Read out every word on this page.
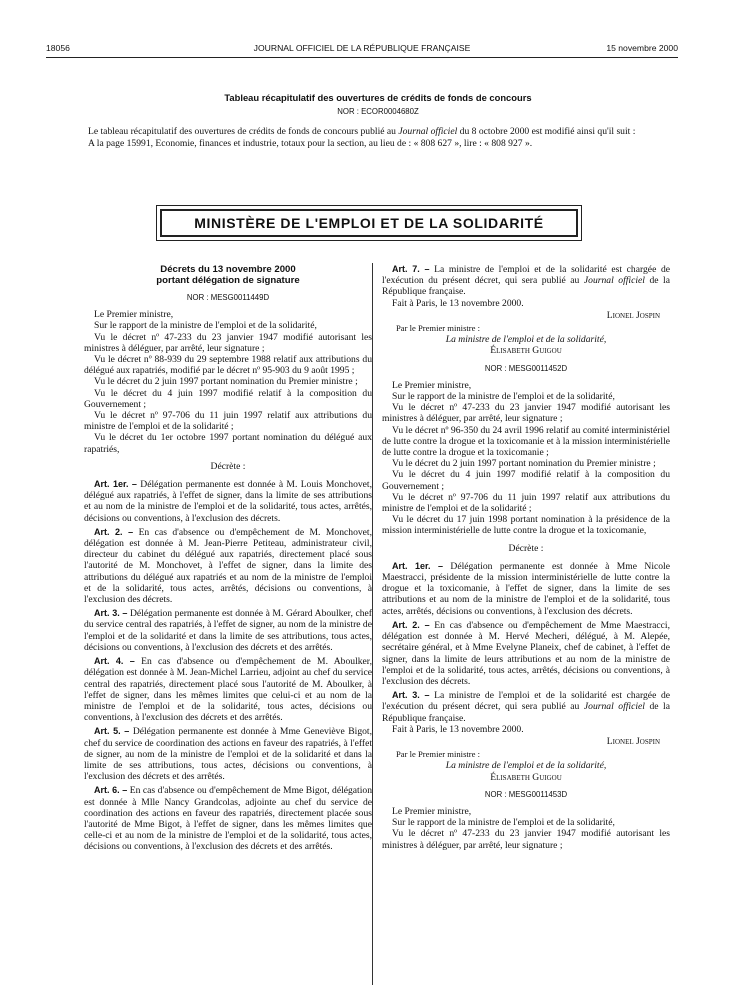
18056	JOURNAL OFFICIEL DE LA RÉPUBLIQUE FRANÇAISE	15 novembre 2000
Tableau récapitulatif des ouvertures de crédits de fonds de concours
NOR : ECOR0004680Z

Le tableau récapitulatif des ouvertures de crédits de fonds de concours publié au Journal officiel du 8 octobre 2000 est modifié ainsi qu'il suit :

A la page 15991, Economie, finances et industrie, totaux pour la section, au lieu de : « 808 627 », lire : « 808 927 ».

MINISTÈRE DE L'EMPLOI ET DE LA SOLIDARITÉ
Décrets du 13 novembre 2000
portant délégation de signature
NOR : MESG0011449D

Le Premier ministre,

Sur le rapport de la ministre de l'emploi et de la solidarité,

Vu le décret nº 47-233 du 23 janvier 1947 modifié autorisant les ministres à déléguer, par arrêté, leur signature ;

Vu le décret nº 88-939 du 29 septembre 1988 relatif aux attributions du délégué aux rapatriés, modifié par le décret nº 95-903 du 9 août 1995 ;

Vu le décret du 2 juin 1997 portant nomination du Premier ministre ;

Vu le décret du 4 juin 1997 modifié relatif à la composition du Gouvernement ;

Vu le décret nº 97-706 du 11 juin 1997 relatif aux attributions du ministre de l'emploi et de la solidarité ;

Vu le décret du 1er octobre 1997 portant nomination du délégué aux rapatriés,

Décrète :

Art. 1er. – Délégation permanente est donnée à M. Louis Monchovet, délégué aux rapatriés, à l'effet de signer, dans la limite de ses attributions et au nom de la ministre de l'emploi et de la solidarité, tous actes, arrêtés, décisions ou conventions, à l'exclusion des décrets.

Art. 2. – En cas d'absence ou d'empêchement de M. Monchovet, délégation est donnée à M. Jean-Pierre Petiteau, administrateur civil, directeur du cabinet du délégué aux rapatriés, directement placé sous l'autorité de M. Monchovet, à l'effet de signer, dans la limite des attributions du délégué aux rapatriés et au nom de la ministre de l'emploi et de la solidarité, tous actes, arrêtés, décisions ou conventions, à l'exclusion des décrets.

Art. 3. – Délégation permanente est donnée à M. Gérard Aboulker, chef du service central des rapatriés, à l'effet de signer, au nom de la ministre de l'emploi et de la solidarité et dans la limite de ses attributions, tous actes, décisions ou conventions, à l'exclusion des décrets et des arrêtés.

Art. 4. – En cas d'absence ou d'empêchement de M. Aboulker, délégation est donnée à M. Jean-Michel Larrieu, adjoint au chef du service central des rapatriés, directement placé sous l'autorité de M. Aboulker, à l'effet de signer, dans les mêmes limites que celui-ci et au nom de la ministre de l'emploi et de la solidarité, tous actes, décisions ou conventions, à l'exclusion des décrets et des arrêtés.

Art. 5. – Délégation permanente est donnée à Mme Geneviève Bigot, chef du service de coordination des actions en faveur des rapatriés, à l'effet de signer, au nom de la ministre de l'emploi et de la solidarité et dans la limite de ses attributions, tous actes, décisions ou conventions, à l'exclusion des décrets et des arrêtés.

Art. 6. – En cas d'absence ou d'empêchement de Mme Bigot, délégation est donnée à Mlle Nancy Grandcolas, adjointe au chef du service de coordination des actions en faveur des rapatriés, directement placée sous l'autorité de Mme Bigot, à l'effet de signer, dans les mêmes limites que celle-ci et au nom de la ministre de l'emploi et de la solidarité, tous actes, décisions ou conventions, à l'exclusion des décrets et des arrêtés.

Art. 7. – La ministre de l'emploi et de la solidarité est chargée de l'exécution du présent décret, qui sera publié au Journal officiel de la République française.

Fait à Paris, le 13 novembre 2000.

Lionel Jospin
Par le Premier ministre :
La ministre de l'emploi et de la solidarité,
Élisabeth Guigou
NOR : MESG0011452D

Le Premier ministre,

Sur le rapport de la ministre de l'emploi et de la solidarité,

Vu le décret nº 47-233 du 23 janvier 1947 modifié autorisant les ministres à déléguer, par arrêté, leur signature ;

Vu le décret nº 96-350 du 24 avril 1996 relatif au comité interministériel de lutte contre la drogue et la toxicomanie et à la mission interministérielle de lutte contre la drogue et la toxicomanie ;

Vu le décret du 2 juin 1997 portant nomination du Premier ministre ;

Vu le décret du 4 juin 1997 modifié relatif à la composition du Gouvernement ;

Vu le décret nº 97-706 du 11 juin 1997 relatif aux attributions du ministre de l'emploi et de la solidarité ;

Vu le décret du 17 juin 1998 portant nomination à la présidence de la mission interministérielle de lutte contre la drogue et la toxicomanie,

Décrète :

Art. 1er. – Délégation permanente est donnée à Mme Nicole Maestracci, présidente de la mission interministérielle de lutte contre la drogue et la toxicomanie, à l'effet de signer, dans la limite de ses attributions et au nom de la ministre de l'emploi et de la solidarité, tous actes, arrêtés, décisions ou conventions, à l'exclusion des décrets.

Art. 2. – En cas d'absence ou d'empêchement de Mme Maestracci, délégation est donnée à M. Hervé Mecheri, délégué, à M. Alepée, secrétaire général, et à Mme Evelyne Planeix, chef de cabinet, à l'effet de signer, dans la limite de leurs attributions et au nom de la ministre de l'emploi et de la solidarité, tous actes, arrêtés, décisions ou conventions, à l'exclusion des décrets.

Art. 3. – La ministre de l'emploi et de la solidarité est chargée de l'exécution du présent décret, qui sera publié au Journal officiel de la République française.

Fait à Paris, le 13 novembre 2000.

Lionel Jospin
Par le Premier ministre :
La ministre de l'emploi et de la solidarité,
Élisabeth Guigou
NOR : MESG0011453D

Le Premier ministre,

Sur le rapport de la ministre de l'emploi et de la solidarité,

Vu le décret nº 47-233 du 23 janvier 1947 modifié autorisant les ministres à déléguer, par arrêté, leur signature ;
